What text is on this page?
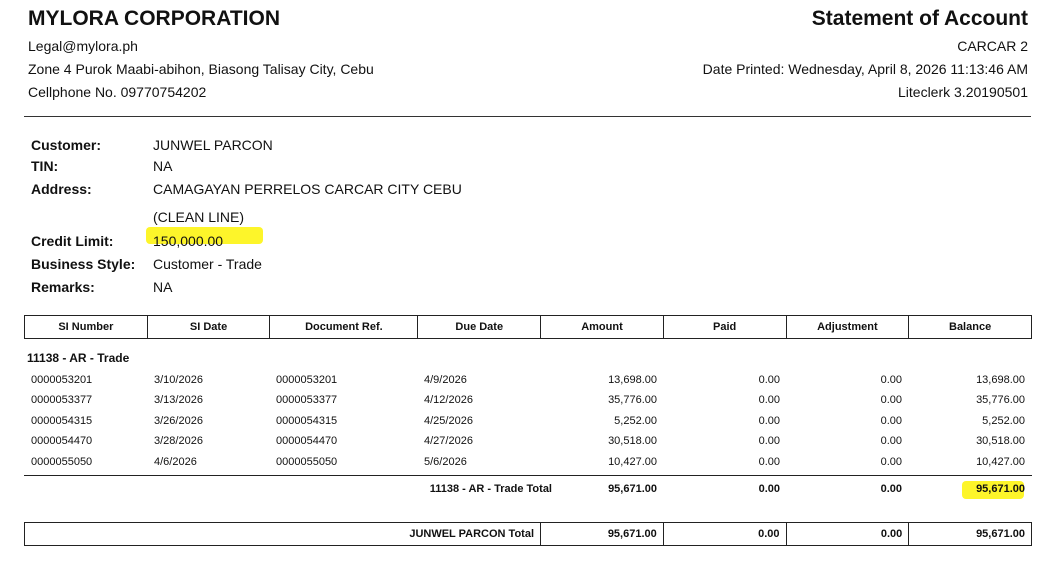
MYLORA CORPORATION	Statement of Account
Legal@mylora.ph
Zone 4 Purok Maabi-abihon, Biasong Talisay City, Cebu
Cellphone No. 09770754202
CARCAR 2
Date Printed: Wednesday, April 8, 2026 11:13:46 AM
Liteclerk 3.20190501
Customer:	JUNWEL PARCON
TIN:	NA
Address:	CAMAGAYAN PERRELOS CARCAR CITY CEBU
(CLEAN LINE)
Credit Limit:	150,000.00
Business Style: Customer - Trade
Remarks:	NA
SI Number	SI Date	Document Ref.	Due Date	Amount	Paid	Adjustment	Balance
11138 - AR - Trade
0000053201	3/10/2026	0000053201	4/9/2026	13,698.00	0.00	0.00	13,698.00
0000053377	3/13/2026	0000053377	4/12/2026	35,776.00	0.00	0.00	35,776.00
0000054315	3/26/2026	0000054315	4/25/2026	5,252.00	0.00	0.00	5,252.00
0000054470	3/28/2026	0000054470	4/27/2026	30,518.00	0.00	0.00	30,518.00
0000055050	4/6/2026	0000055050	5/6/2026	10,427.00	0.00	0.00	10,427.00
11138 - AR - Trade Total	95,671.00	0.00	0.00	95,671.00
JUNWEL PARCON Total	95,671.00	0.00	0.00	95,671.00
